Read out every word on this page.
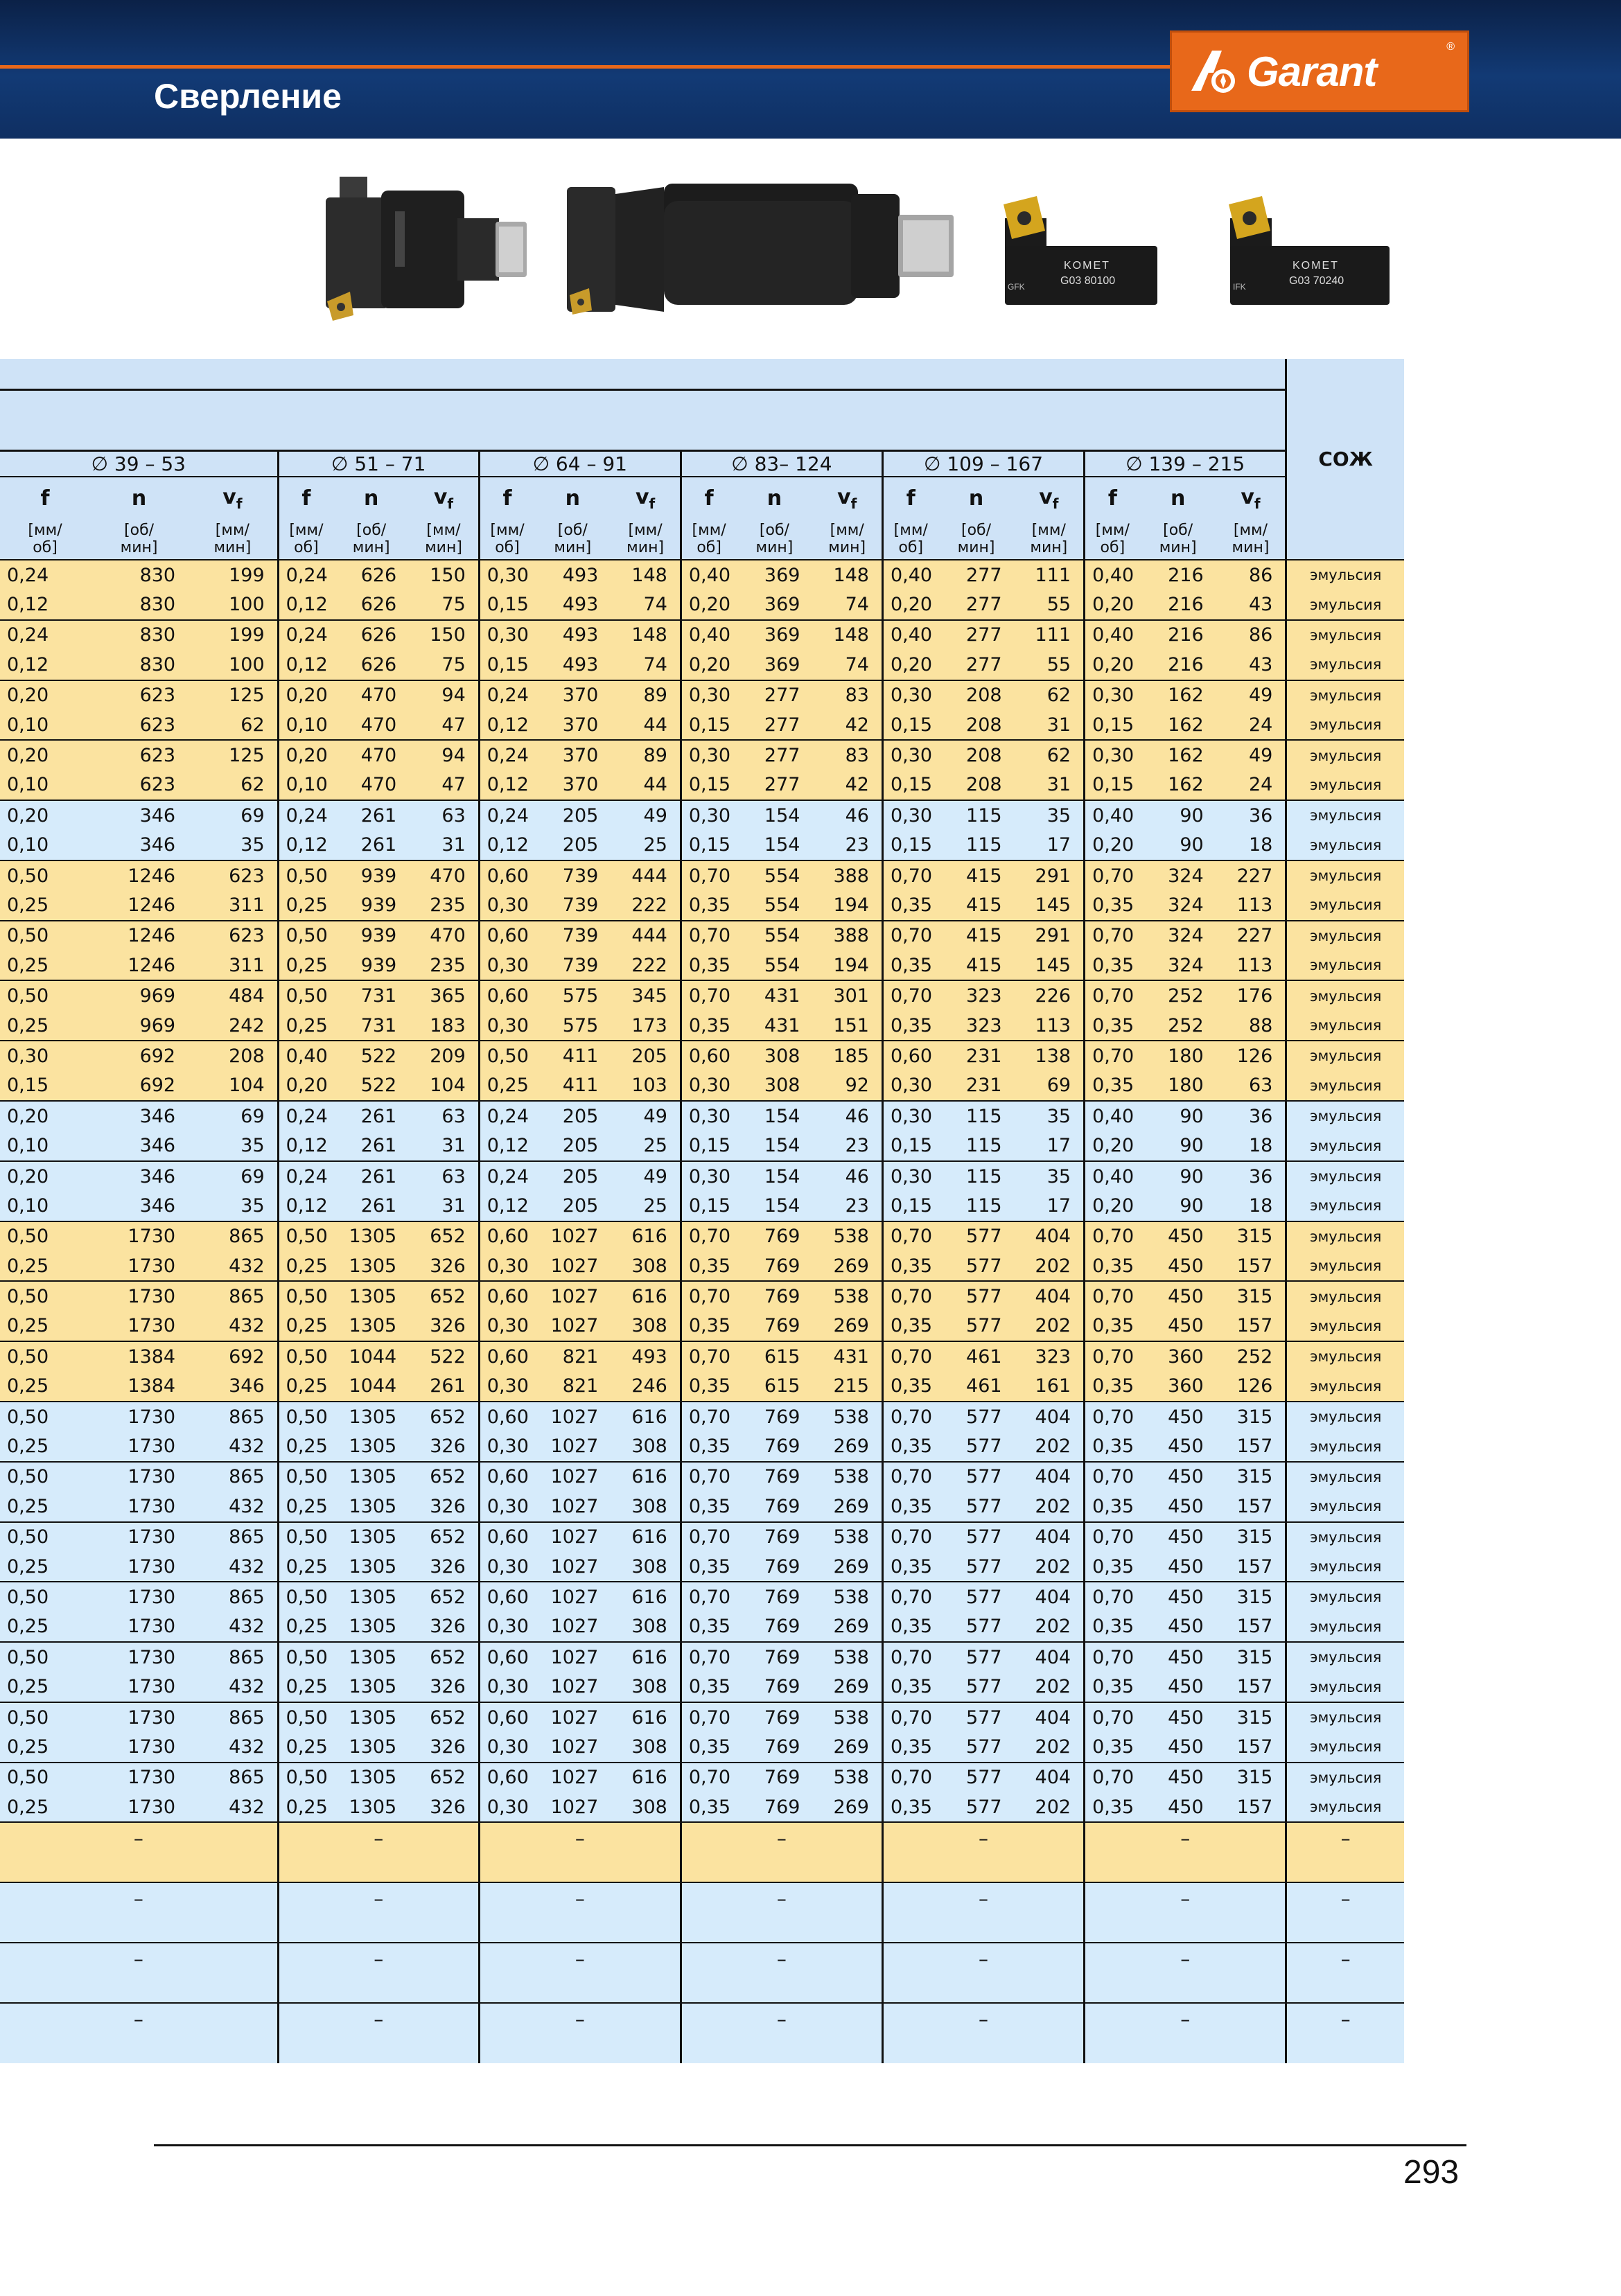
Сверление
Garant
®
KOMET
G03 80100
GFK
KOMET
G03 70240
IFK
																		СОЖ

∅ 39 – 53			∅ 51 – 71			∅ 64 – 91			∅ 83– 124			∅ 109 – 167			∅ 139 – 215			
f	n	$v_f$	f	n	$v_f$	f	n	$v_f$	f	n	$v_f$	f	n	$v_f$	f	n	$v_f$
[мм/
об]	[об/
мин]	[мм/
мин]	[мм/
об]	[об/
мин]	[мм/
мин]	[мм/
об]	[об/
мин]	[мм/
мин]	[мм/
об]	[об/
мин]	[мм/
мин]	[мм/
об]	[об/
мин]	[мм/
мин]	[мм/
об]	[об/
мин]	[мм/
мин]	
0,24	830	199	0,24	626	150	0,30	493	148	0,40	369	148	0,40	277	111	0,40	216	86	эмульсия
0,12	830	100	0,12	626	75	0,15	493	74	0,20	369	74	0,20	277	55	0,20	216	43	эмульсия
0,24	830	199	0,24	626	150	0,30	493	148	0,40	369	148	0,40	277	111	0,40	216	86	эмульсия
0,12	830	100	0,12	626	75	0,15	493	74	0,20	369	74	0,20	277	55	0,20	216	43	эмульсия
0,20	623	125	0,20	470	94	0,24	370	89	0,30	277	83	0,30	208	62	0,30	162	49	эмульсия
0,10	623	62	0,10	470	47	0,12	370	44	0,15	277	42	0,15	208	31	0,15	162	24	эмульсия
0,20	623	125	0,20	470	94	0,24	370	89	0,30	277	83	0,30	208	62	0,30	162	49	эмульсия
0,10	623	62	0,10	470	47	0,12	370	44	0,15	277	42	0,15	208	31	0,15	162	24	эмульсия
0,20	346	69	0,24	261	63	0,24	205	49	0,30	154	46	0,30	115	35	0,40	90	36	эмульсия
0,10	346	35	0,12	261	31	0,12	205	25	0,15	154	23	0,15	115	17	0,20	90	18	эмульсия
0,50	1246	623	0,50	939	470	0,60	739	444	0,70	554	388	0,70	415	291	0,70	324	227	эмульсия
0,25	1246	311	0,25	939	235	0,30	739	222	0,35	554	194	0,35	415	145	0,35	324	113	эмульсия
0,50	1246	623	0,50	939	470	0,60	739	444	0,70	554	388	0,70	415	291	0,70	324	227	эмульсия
0,25	1246	311	0,25	939	235	0,30	739	222	0,35	554	194	0,35	415	145	0,35	324	113	эмульсия
0,50	969	484	0,50	731	365	0,60	575	345	0,70	431	301	0,70	323	226	0,70	252	176	эмульсия
0,25	969	242	0,25	731	183	0,30	575	173	0,35	431	151	0,35	323	113	0,35	252	88	эмульсия
0,30	692	208	0,40	522	209	0,50	411	205	0,60	308	185	0,60	231	138	0,70	180	126	эмульсия
0,15	692	104	0,20	522	104	0,25	411	103	0,30	308	92	0,30	231	69	0,35	180	63	эмульсия
0,20	346	69	0,24	261	63	0,24	205	49	0,30	154	46	0,30	115	35	0,40	90	36	эмульсия
0,10	346	35	0,12	261	31	0,12	205	25	0,15	154	23	0,15	115	17	0,20	90	18	эмульсия
0,20	346	69	0,24	261	63	0,24	205	49	0,30	154	46	0,30	115	35	0,40	90	36	эмульсия
0,10	346	35	0,12	261	31	0,12	205	25	0,15	154	23	0,15	115	17	0,20	90	18	эмульсия
0,50	1730	865	0,50	1305	652	0,60	1027	616	0,70	769	538	0,70	577	404	0,70	450	315	эмульсия
0,25	1730	432	0,25	1305	326	0,30	1027	308	0,35	769	269	0,35	577	202	0,35	450	157	эмульсия
0,50	1730	865	0,50	1305	652	0,60	1027	616	0,70	769	538	0,70	577	404	0,70	450	315	эмульсия
0,25	1730	432	0,25	1305	326	0,30	1027	308	0,35	769	269	0,35	577	202	0,35	450	157	эмульсия
0,50	1384	692	0,50	1044	522	0,60	821	493	0,70	615	431	0,70	461	323	0,70	360	252	эмульсия
0,25	1384	346	0,25	1044	261	0,30	821	246	0,35	615	215	0,35	461	161	0,35	360	126	эмульсия
0,50	1730	865	0,50	1305	652	0,60	1027	616	0,70	769	538	0,70	577	404	0,70	450	315	эмульсия
0,25	1730	432	0,25	1305	326	0,30	1027	308	0,35	769	269	0,35	577	202	0,35	450	157	эмульсия
0,50	1730	865	0,50	1305	652	0,60	1027	616	0,70	769	538	0,70	577	404	0,70	450	315	эмульсия
0,25	1730	432	0,25	1305	326	0,30	1027	308	0,35	769	269	0,35	577	202	0,35	450	157	эмульсия
0,50	1730	865	0,50	1305	652	0,60	1027	616	0,70	769	538	0,70	577	404	0,70	450	315	эмульсия
0,25	1730	432	0,25	1305	326	0,30	1027	308	0,35	769	269	0,35	577	202	0,35	450	157	эмульсия
0,50	1730	865	0,50	1305	652	0,60	1027	616	0,70	769	538	0,70	577	404	0,70	450	315	эмульсия
0,25	1730	432	0,25	1305	326	0,30	1027	308	0,35	769	269	0,35	577	202	0,35	450	157	эмульсия
0,50	1730	865	0,50	1305	652	0,60	1027	616	0,70	769	538	0,70	577	404	0,70	450	315	эмульсия
0,25	1730	432	0,25	1305	326	0,30	1027	308	0,35	769	269	0,35	577	202	0,35	450	157	эмульсия
0,50	1730	865	0,50	1305	652	0,60	1027	616	0,70	769	538	0,70	577	404	0,70	450	315	эмульсия
0,25	1730	432	0,25	1305	326	0,30	1027	308	0,35	769	269	0,35	577	202	0,35	450	157	эмульсия
0,50	1730	865	0,50	1305	652	0,60	1027	616	0,70	769	538	0,70	577	404	0,70	450	315	эмульсия
0,25	1730	432	0,25	1305	326	0,30	1027	308	0,35	769	269	0,35	577	202	0,35	450	157	эмульсия
–			–			–			–			–			–			–
–			–			–			–			–			–			–
–			–			–			–			–			–			–
–			–			–			–			–			–			–
293
